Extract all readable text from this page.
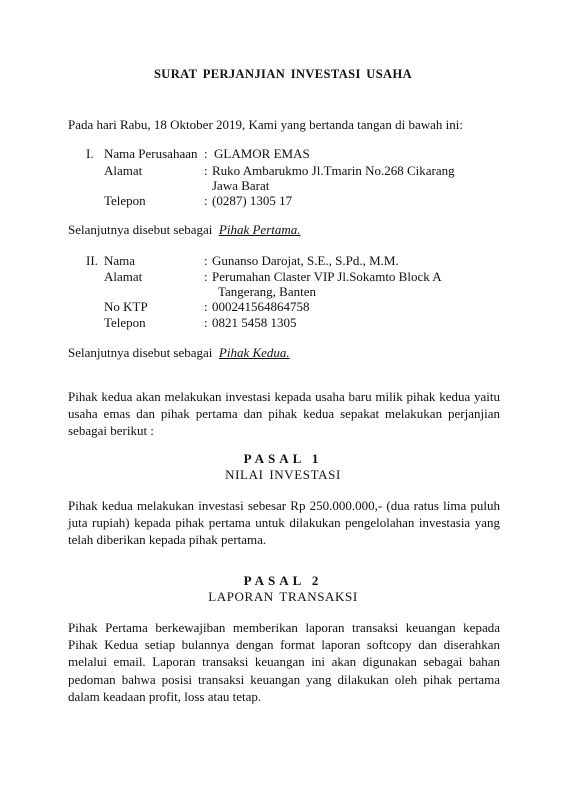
SURAT PERJANJIAN INVESTASI USAHA
Pada hari Rabu, 18 Oktober 2019, Kami yang bertanda tangan di bawah ini:
I. Nama Perusahaan : GLAMOR EMAS
Alamat	: Ruko Ambarukmo Jl.Tmarin No.268 Cikarang
Jawa Barat
Telepon	: (0287) 1305 17
Selanjutnya disebut sebagai Pihak Pertama.
II. Nama	: Gunanso Darojat, S.E., S.Pd., M.M.
Alamat	: Perumahan Claster VIP Jl.Sokamto Block A
Tangerang, Banten
No KTP	: 000241564864758
Telepon	: 0821 5458 1305
Selanjutnya disebut sebagai Pihak Kedua.
Pihak kedua akan melakukan investasi kepada usaha baru milik pihak kedua yaitu usaha emas dan pihak pertama dan pihak kedua sepakat melakukan perjanjian sebagai berikut :
PASAL 1
NILAI INVESTASI
Pihak kedua melakukan investasi sebesar Rp 250.000.000,- (dua ratus lima puluh juta rupiah) kepada pihak pertama untuk dilakukan pengelolahan investasia yang telah diberikan kepada pihak pertama.
PASAL 2
LAPORAN TRANSAKSI
Pihak Pertama berkewajiban memberikan laporan transaksi keuangan kepada Pihak Kedua setiap bulannya dengan format laporan softcopy dan diserahkan melalui email. Laporan transaksi keuangan ini akan digunakan sebagai bahan pedoman bahwa posisi transaksi keuangan yang dilakukan oleh pihak pertama dalam keadaan profit, loss atau tetap.
